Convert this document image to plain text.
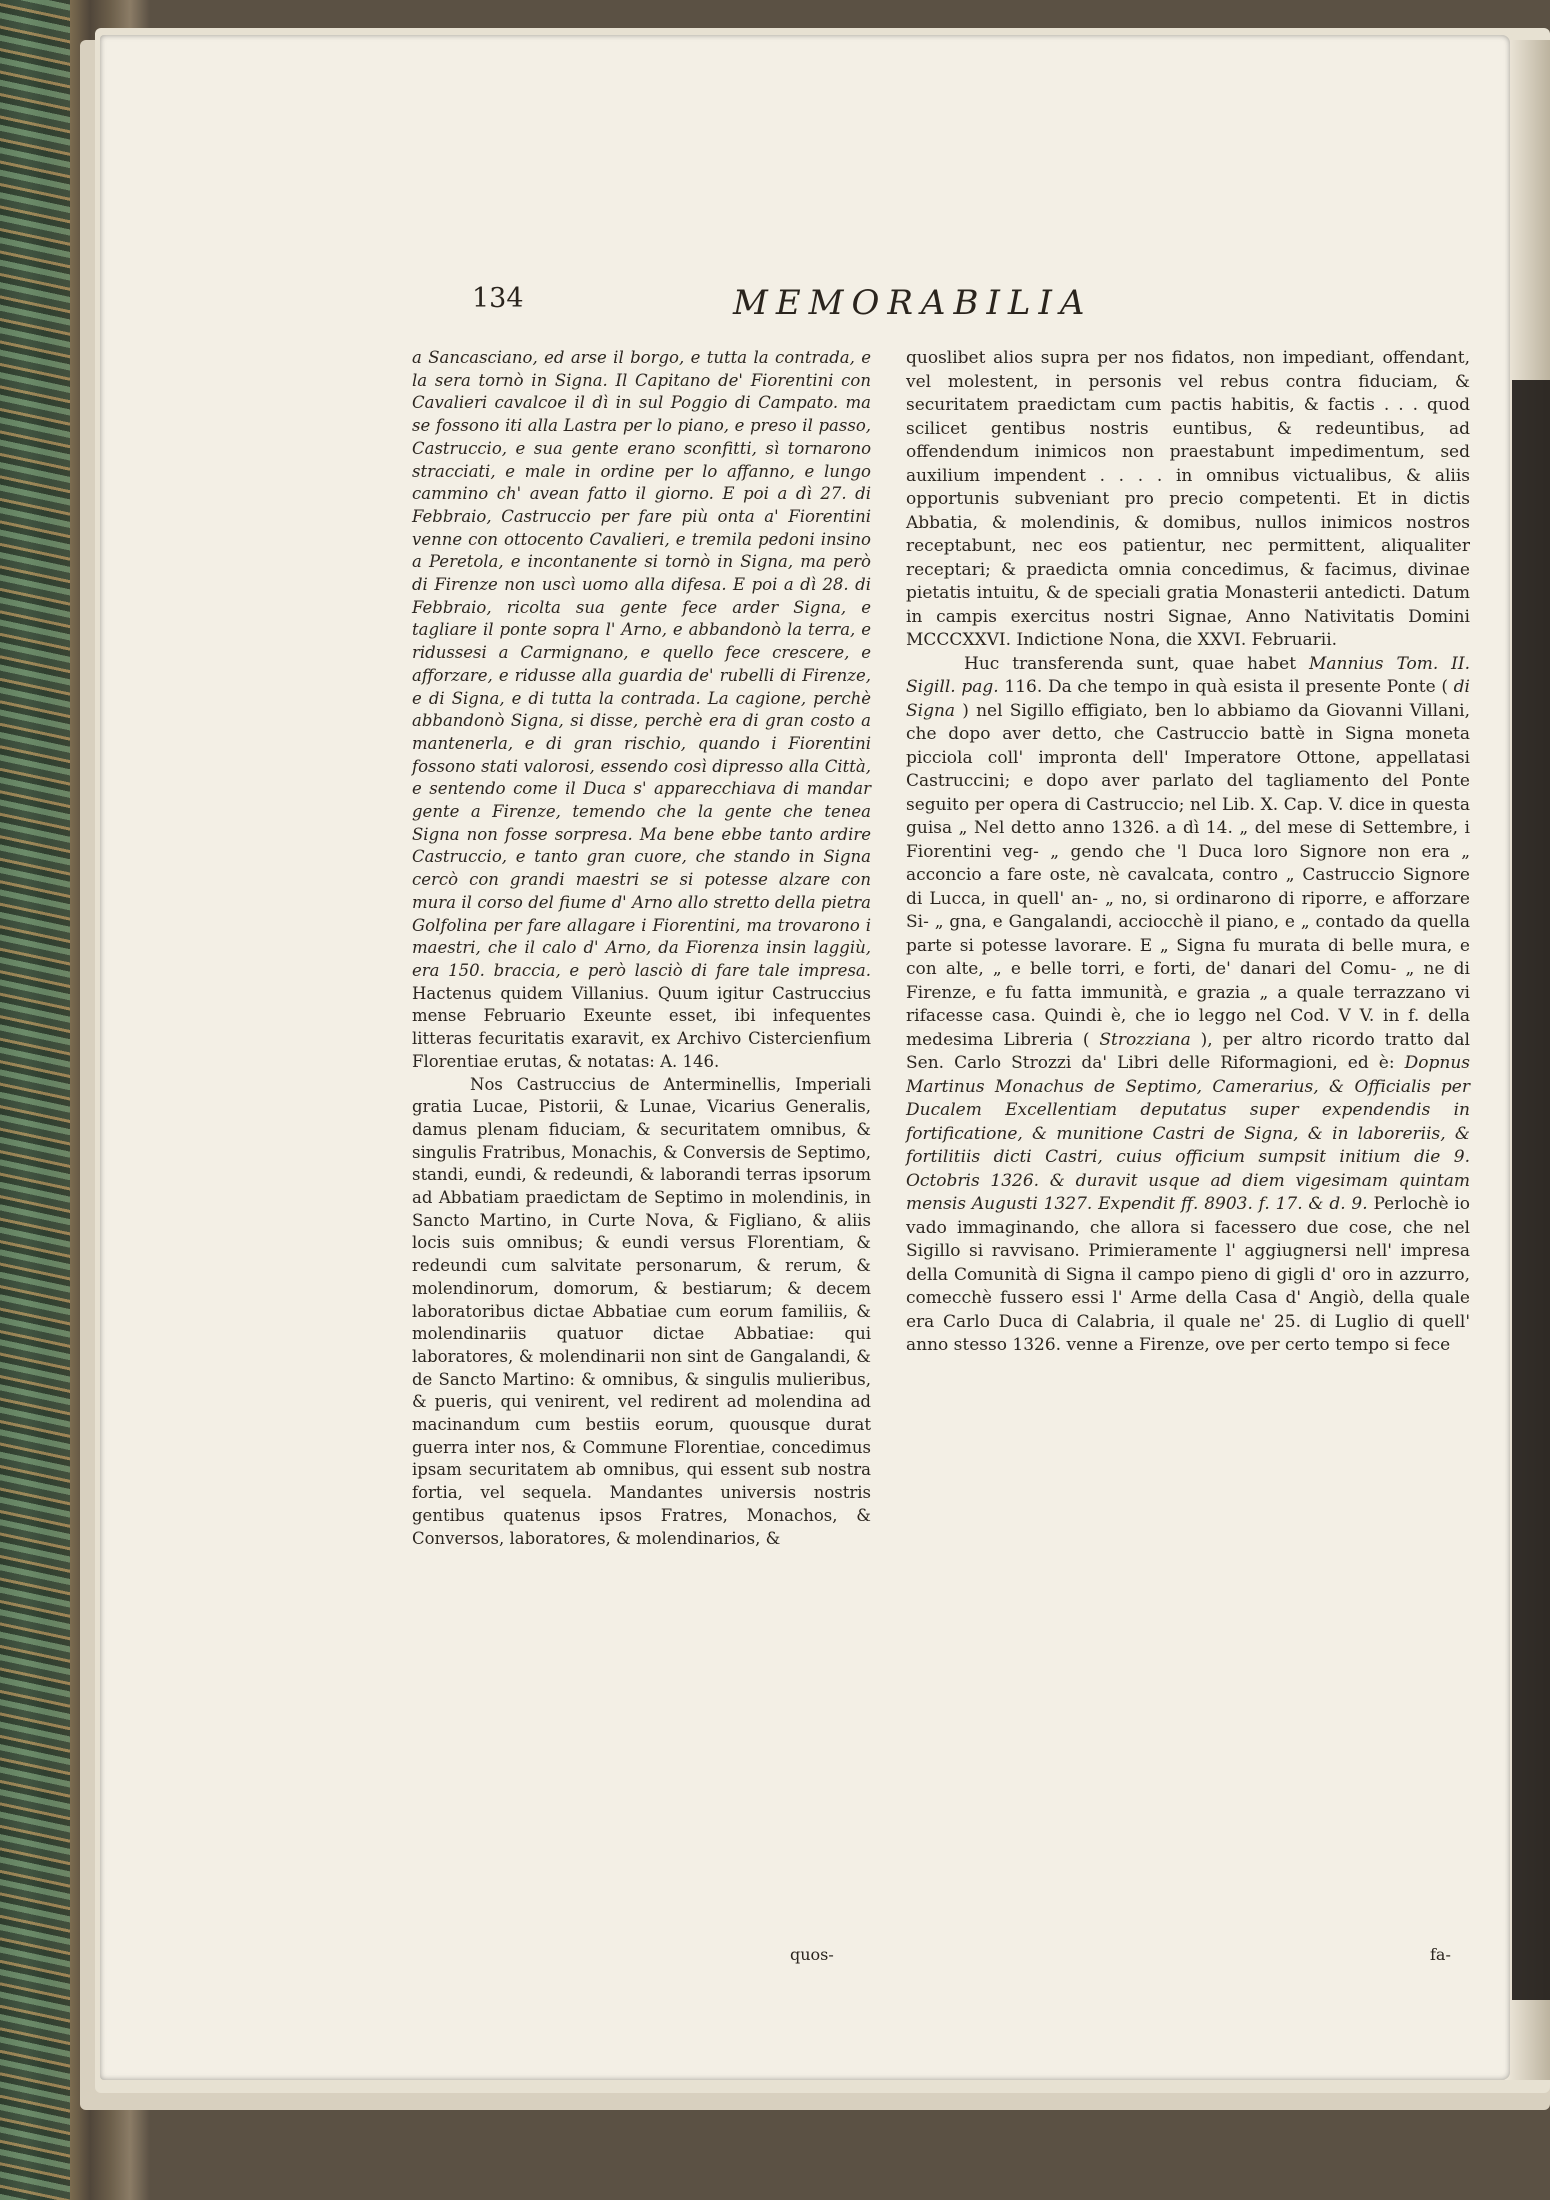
134	MEMORABILIA

a Sancasciano, ed arse il borgo, e tutta la contrada, e la sera tornò in Signa. Il Capitano de' Fiorentini con Cavalieri cavalcoe il dì in sul Poggio di Campato. ma se fossono iti alla Lastra per lo piano, e preso il passo, Castruccio, e sua gente erano sconfitti, sì tornarono stracciati, e male in ordine per lo affanno, e lungo cammino ch' avean fatto il giorno. E poi a dì 27. di Febbraio, Castruccio per fare più onta a' Fiorentini venne con ottocento Cavalieri, e tremila pedoni insino a Peretola, e incontanente si tornò in Signa, ma però di Firenze non uscì uomo alla difesa. E poi a dì 28. di Febbraio, ricolta sua gente fece arder Signa, e tagliare il ponte sopra l' Arno, e abbandonò la terra, e ridussesi a Carmignano, e quello fece crescere, e afforzare, e ridusse alla guardia de' rubelli di Firenze, e di Signa, e di tutta la contrada. La cagione, perchè abbandonò Signa, si disse, perchè era di gran costo a mantenerla, e di gran rischio, quando i Fiorentini fossono stati valorosi, essendo così dipresso alla Città, e sentendo come il Duca s' apparecchiava di mandar gente a Firenze, temendo che la gente che tenea Signa non fosse sorpresa. Ma bene ebbe tanto ardire Castruccio, e tanto gran cuore, che stando in Signa cercò con grandi maestri se si potesse alzare con mura il corso del fiume d' Arno allo stretto della pietra Golfolina per fare allagare i Fiorentini, ma trovarono i maestri, che il calo d' Arno, da Fiorenza insin laggiù, era 150. braccia, e però lasciò di fare tale impresa. Hactenus quidem Villanius. Quum igitur Castruccius mense Februario Exeunte esset, ibi infequentes litteras fecuritatis exaravit, ex Archivo Cistercienfium Florentiae erutas, & notatas: A. 146.

Nos Castruccius de Anterminellis, Imperiali gratia Lucae, Pistorii, & Lunae, Vicarius Generalis, damus plenam fiduciam, & securitatem omnibus, & singulis Fratribus, Monachis, & Conversis de Septimo, standi, eundi, & redeundi, & laborandi terras ipsorum ad Abbatiam praedictam de Septimo in molendinis, in Sancto Martino, in Curte Nova, & Figliano, & aliis locis suis omnibus; & eundi versus Florentiam, & redeundi cum salvitate personarum, & rerum, & molendinorum, domorum, & bestiarum; & decem laboratoribus dictae Abbatiae cum eorum familiis, & molendinariis quatuor dictae Abbatiae: qui laboratores, & molendinarii non sint de Gangalandi, & de Sancto Martino: & omnibus, & singulis mulieribus, & pueris, qui venirent, vel redirent ad molendina ad macinandum cum bestiis eorum, quousque durat guerra inter nos, & Commune Florentiae, concedimus ipsam securitatem ab omnibus, qui essent sub nostra fortia, vel sequela. Mandantes universis nostris gentibus quatenus ipsos Fratres, Monachos, & Conversos, laboratores, & molendinarios, &

quoslibet alios supra per nos fidatos, non impediant, offendant, vel molestent, in personis vel rebus contra fiduciam, & securitatem praedictam cum pactis habitis, & factis . . . quod scilicet gentibus nostris euntibus, & redeuntibus, ad offendendum inimicos non praestabunt impedimentum, sed auxilium impendent . . . . in omnibus victualibus, & aliis opportunis subveniant pro precio competenti. Et in dictis Abbatia, & molendinis, & domibus, nullos inimicos nostros receptabunt, nec eos patientur, nec permittent, aliqualiter receptari; & praedicta omnia concedimus, & facimus, divinae pietatis intuitu, & de speciali gratia Monasterii antedicti. Datum in campis exercitus nostri Signae, Anno Nativitatis Domini MCCCXXVI. Indictione Nona, die XXVI. Februarii.

Huc transferenda sunt, quae habet Mannius Tom. II. Sigill. pag. 116. Da che tempo in quà esista il presente Ponte ( di Signa ) nel Sigillo effigiato, ben lo abbiamo da Giovanni Villani, che dopo aver detto, che Castruccio battè in Signa moneta picciola coll' impronta dell' Imperatore Ottone, appellatasi Castruccini; e dopo aver parlato del tagliamento del Ponte seguito per opera di Castruccio; nel Lib. X. Cap. V. dice in questa guisa „ Nel detto anno 1326. a dì 14. „ del mese di Settembre, i Fiorentini veg- „ gendo che 'l Duca loro Signore non era „ acconcio a fare oste, nè cavalcata, contro „ Castruccio Signore di Lucca, in quell' an- „ no, si ordinarono di riporre, e afforzare Si- „ gna, e Gangalandi, acciocchè il piano, e „ contado da quella parte si potesse lavorare. E „ Signa fu murata di belle mura, e con alte, „ e belle torri, e forti, de' danari del Comu- „ ne di Firenze, e fu fatta immunità, e grazia „ a quale terrazzano vi rifacesse casa. Quindi è, che io leggo nel Cod. V V. in f. della medesima Libreria ( Strozziana ), per altro ricordo tratto dal Sen. Carlo Strozzi da' Libri delle Riformagioni, ed è: Dopnus Martinus Monachus de Septimo, Camerarius, & Officialis per Ducalem Excellentiam deputatus super expendendis in fortificatione, & munitione Castri de Signa, & in laboreriis, & fortilitiis dicti Castri, cuius officium sumpsit initium die 9. Octobris 1326. & duravit usque ad diem vigesimam quintam mensis Augusti 1327. Expendit ff. 8903. f. 17. & d. 9. Perlochè io vado immaginando, che allora si facessero due cose, che nel Sigillo si ravvisano. Primieramente l' aggiugnersi nell' impresa della Comunità di Signa il campo pieno di gigli d' oro in azzurro, comecchè fussero essi l' Arme della Casa d' Angiò, della quale era Carlo Duca di Calabria, il quale ne' 25. di Luglio di quell' anno stesso 1326. venne a Firenze, ove per certo tempo si fece

quos-	fa-
